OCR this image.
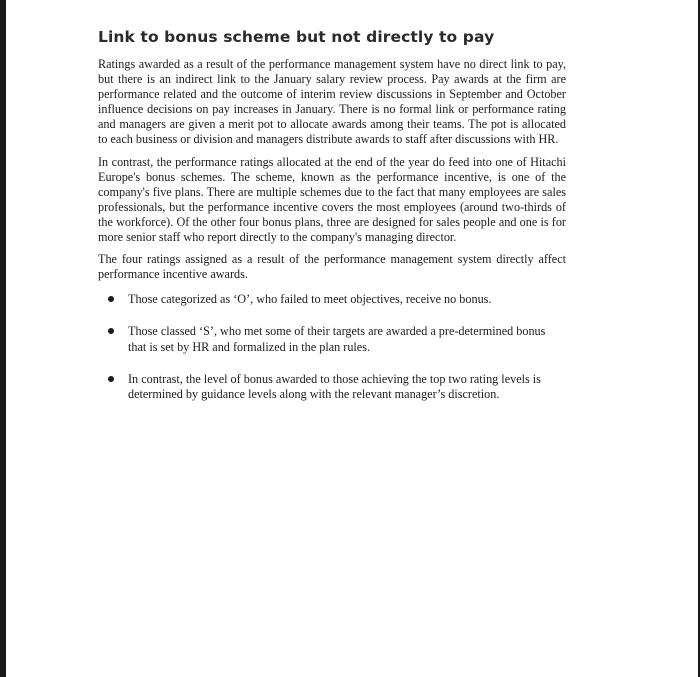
Link to bonus scheme but not directly to pay

Ratings awarded as a result of the performance management system have no direct link to pay, but there is an indirect link to the January salary review process. Pay awards at the firm are performance related and the outcome of interim review discussions in September and October influence decisions on pay increases in January. There is no formal link or performance rating and managers are given a merit pot to allocate awards among their teams. The pot is allocated to each business or division and managers distribute awards to staff after discussions with HR.

In contrast, the performance ratings allocated at the end of the year do feed into one of Hitachi Europe's bonus schemes. The scheme, known as the performance incentive, is one of the company's five plans. There are multiple schemes due to the fact that many employees are sales professionals, but the performance incentive covers the most employees (around two-thirds of the workforce). Of the other four bonus plans, three are designed for sales people and one is for more senior staff who report directly to the company's managing director.

The four ratings assigned as a result of the performance management system directly affect performance incentive awards.

Those categorized as ‘O’, who failed to meet objectives, receive no bonus.
Those classed ‘S’, who met some of their targets are awarded a pre-determined bonus that is set by HR and formalized in the plan rules.
In contrast, the level of bonus awarded to those achieving the top two rating levels is determined by guidance levels along with the relevant manager’s discretion.
